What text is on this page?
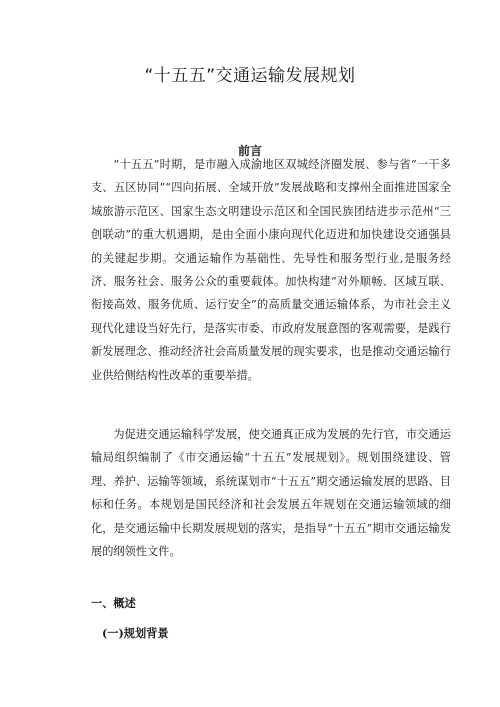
“十五五”交通运输发展规划
前言

“十五五”时期，是市融入成渝地区双城经济圈发展、参与省”一干多支、五区协同”“四向拓展、全域开放”发展战略和支撑州全面推进国家全域旅游示范区、国家生态文明建设示范区和全国民族团结进步示范州“三创联动”的重大机遇期，是由全面小康向现代化迈进和加快建设交通强县的关键起步期。交通运输作为基础性、先导性和服务型行业,是服务经济、服务社会、服务公众的重要载体。加快构建“对外顺畅、区域互联、衔接高效、服务优质、运行安全”的高质量交通运输体系，为市社会主义现代化建设当好先行，是落实市委、市政府发展意图的客观需要，是践行新发展理念、推动经济社会高质量发展的现实要求，也是推动交通运输行业供给侧结构性改革的重要举措。

为促进交通运输科学发展，使交通真正成为发展的先行官，市交通运输局组织编制了《市交通运输“十五五”发展规划》。规划围绕建设、管理、养护、运输等领域，系统谋划市“十五五”期交通运输发展的思路、目标和任务。本规划是国民经济和社会发展五年规划在交通运输领域的细化，是交通运输中长期发展规划的落实，是指导“十五五”期市交通运输发展的纲领性文件。

一、概述
(一)规划背景
